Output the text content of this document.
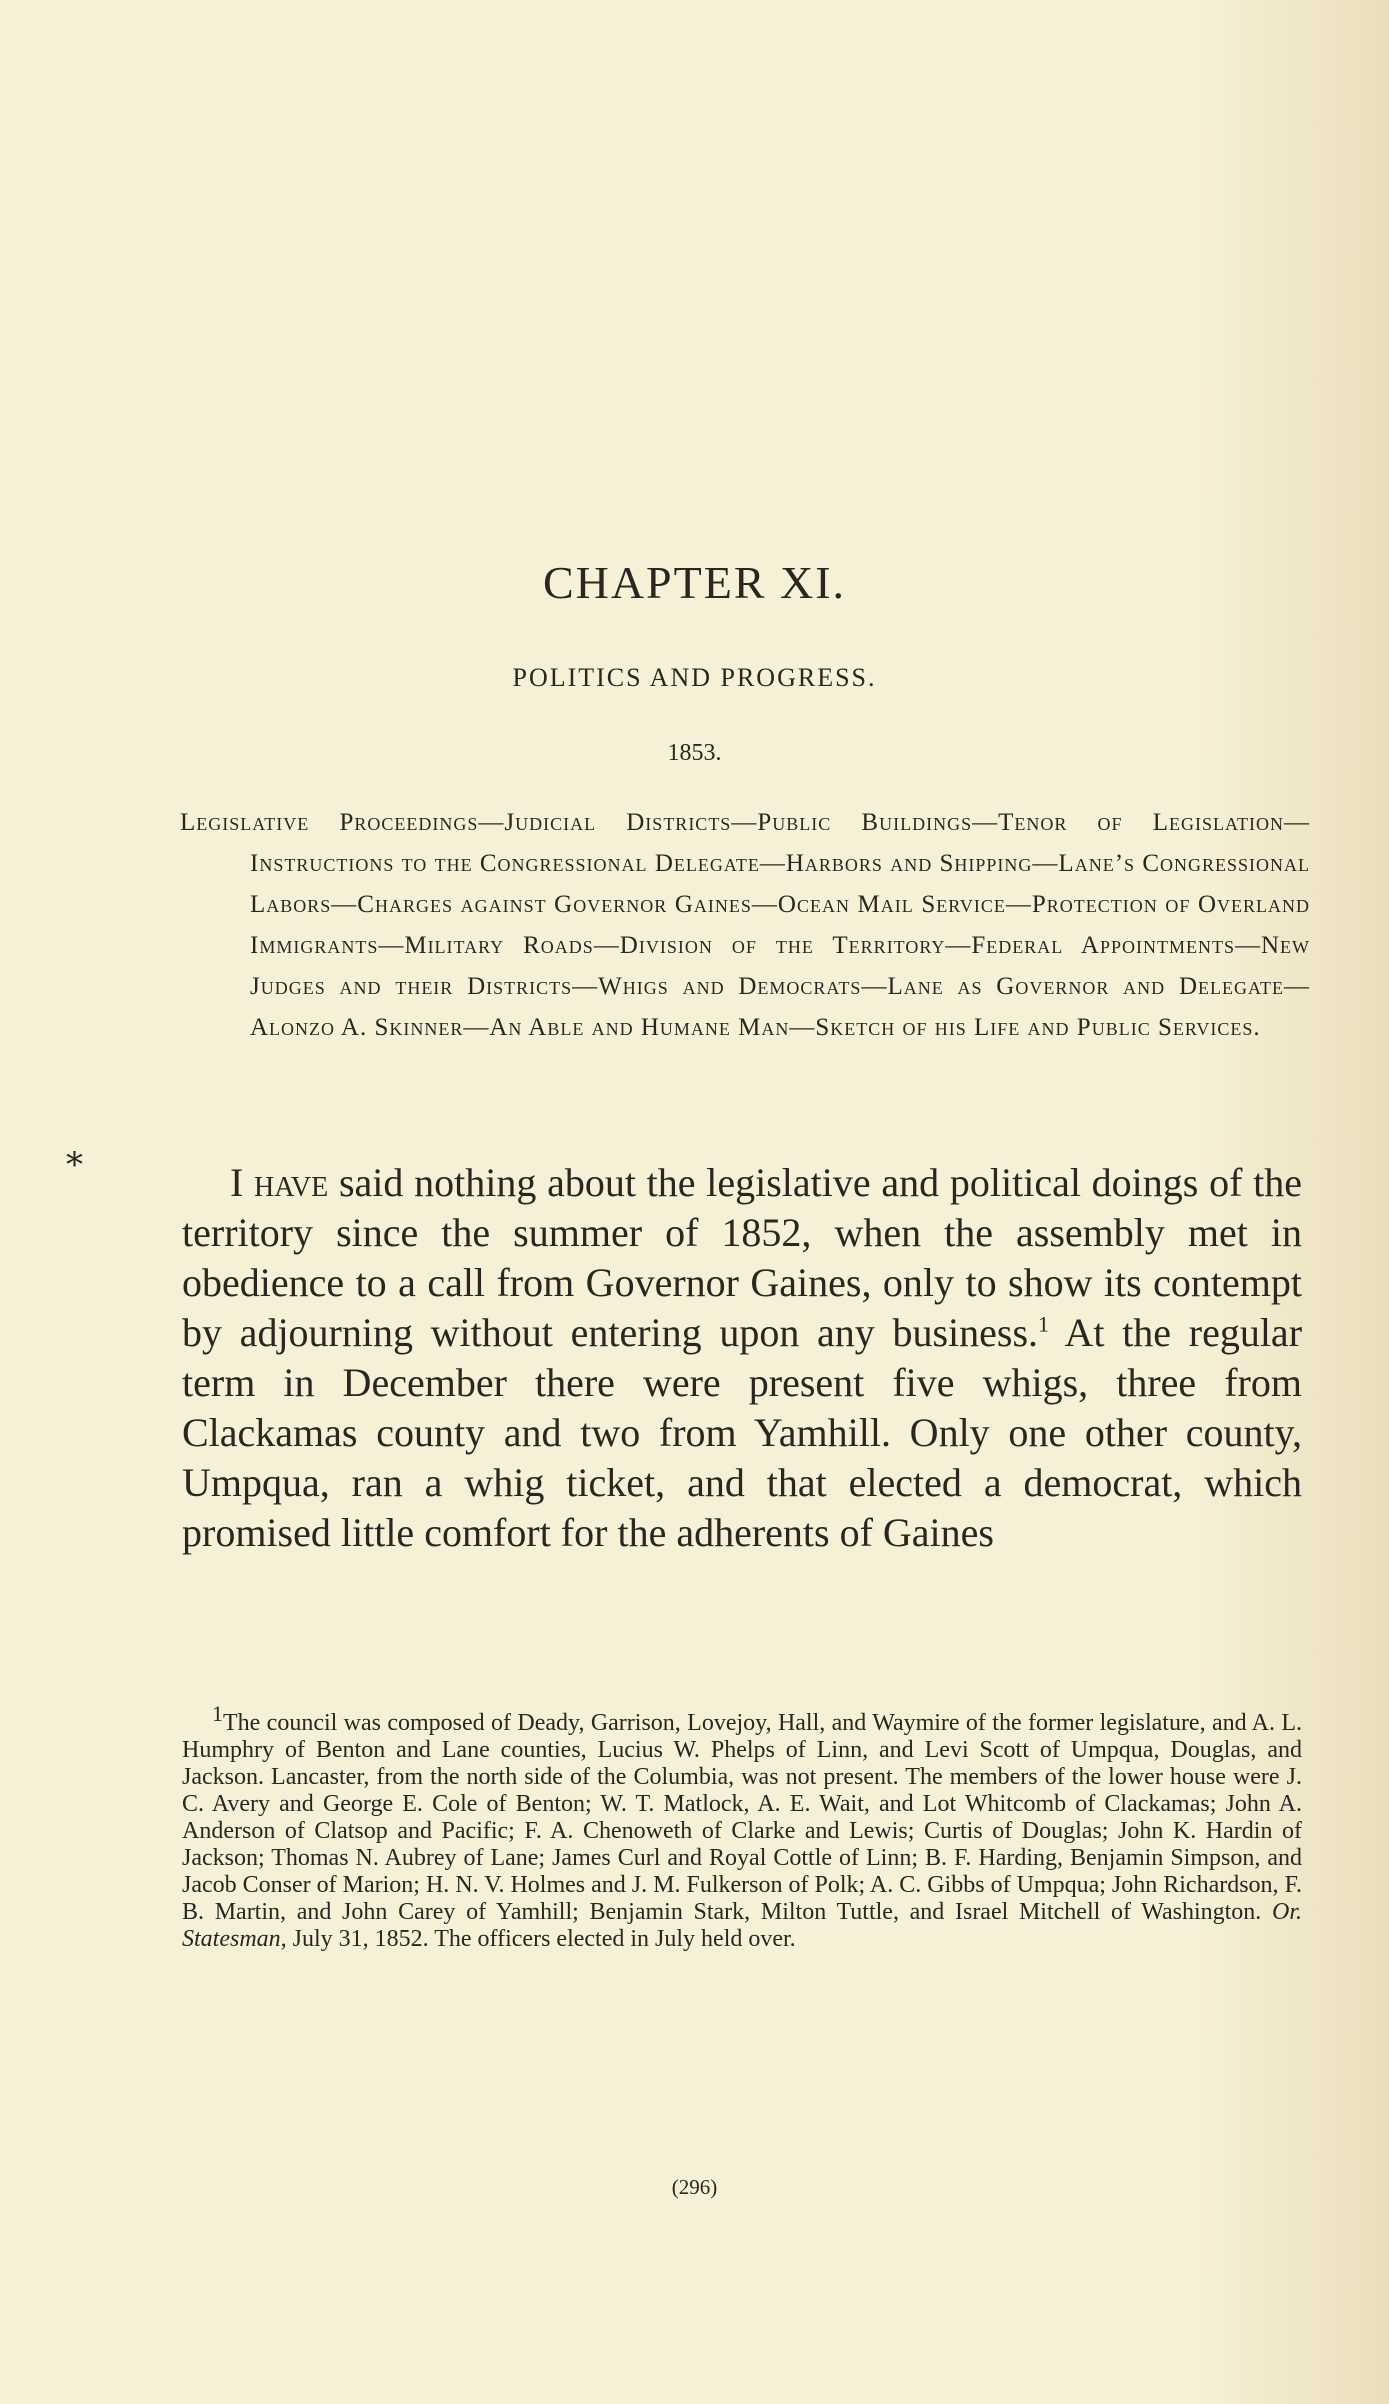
CHAPTER XI.
POLITICS AND PROGRESS.
1853.
Legislative Proceedings—Judicial Districts—Public Buildings—Tenor of Legislation—Instructions to the Congressional Delegate—Harbors and Shipping—Lane’s Congressional Labors—Charges against Governor Gaines—Ocean Mail Service—Protection of Overland Immigrants—Military Roads—Division of the Territory—Federal Appointments—New Judges and their Districts—Whigs and Democrats—Lane as Governor and Delegate—Alonzo A. Skinner—An Able and Humane Man—Sketch of his Life and Public Services.
*	I have said nothing about the legislative and political doings of the territory since the summer of 1852, when the assembly met in obedience to a call from Governor Gaines, only to show its contempt by adjourning without entering upon any business.$^1$ At the regular term in December there were present five whigs, three from Clackamas county and two from Yamhill. Only one other county, Umpqua, ran a whig ticket, and that elected a democrat, which promised little comfort for the adherents of Gaines

$^1$The council was composed of Deady, Garrison, Lovejoy, Hall, and Waymire of the former legislature, and A. L. Humphry of Benton and Lane counties, Lucius W. Phelps of Linn, and Levi Scott of Umpqua, Douglas, and Jackson. Lancaster, from the north side of the Columbia, was not present. The members of the lower house were J. C. Avery and George E. Cole of Benton; W. T. Matlock, A. E. Wait, and Lot Whitcomb of Clackamas; John A. Anderson of Clatsop and Pacific; F. A. Chenoweth of Clarke and Lewis; Curtis of Douglas; John K. Hardin of Jackson; Thomas N. Aubrey of Lane; James Curl and Royal Cottle of Linn; B. F. Harding, Benjamin Simpson, and Jacob Conser of Marion; H. N. V. Holmes and J. M. Fulkerson of Polk; A. C. Gibbs of Umpqua; John Richardson, F. B. Martin, and John Carey of Yamhill; Benjamin Stark, Milton Tuttle, and Israel Mitchell of Washington. Or. Statesman, July 31, 1852. The officers elected in July held over.

(296)
